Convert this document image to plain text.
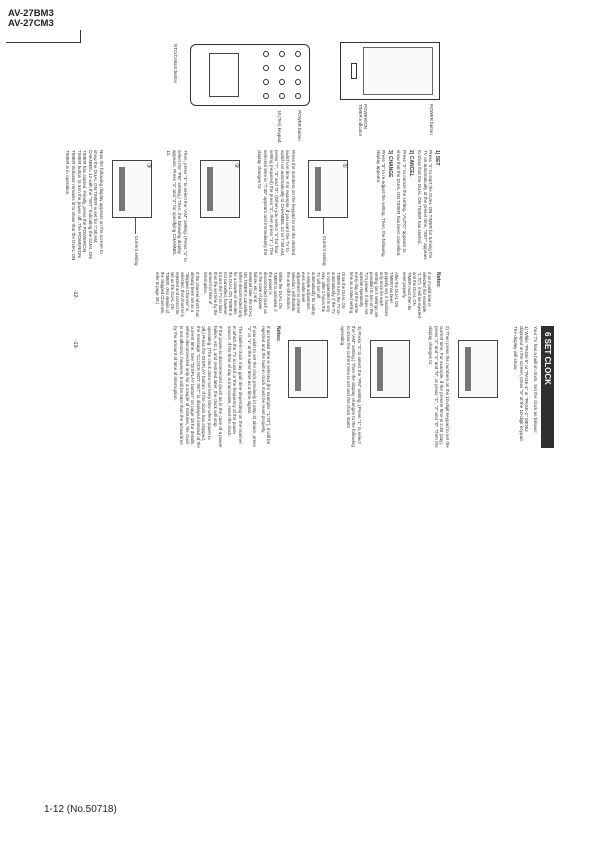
AV-27BM3
AV-27CM3
POWER button
POWER/ON TIMER indicator
POWER button
10 (Ten) keypad
NTC/CABLE button

1) SET
Press "1" to start the DUAL ON TIMER for turning the TV on automatically at the preset time. "SET" appears to show that the DUAL ON TIMER has started.

2) CANCEL
Press "2" to cancel the setting. "AUTO" appears to show that the DUAL ON TIMER has been cancelled.

3) CHANGE
Press "3" to re-adjust the setting. Then, the following display appears.

①
Current setting

Press the numbers on the keypad to set the desired switch-on time. For example, if you want the TV to switch on automatically to CHANNEL 12 at 7:30 AM, press "7", "3" and "0". (When you select "1" for four setting (required) the press "1", then press "1".) The selected time is "7:30" appears and immediately the display changes to:

②

Then, press "1" to select the "AM" setting. (Press "2" to select the "PM" setting.) Then, the following display appears. Press "1" and "2" for specifying CHANNEL 12.

③
Current setting

Now the following display appears on the screen to show the DUAL ON TIMER is set for 7:30 AM, CHANNEL 12 with the "SET" indicating the DUAL ON TIMER has started. Finally, press the POWER/ON TIMER button to turn the power off. The POWER/ON TIMER indicator remains lit to show that the DUAL ON TIMER is in operation.

Notes:

If an invalid time is selected (for example: "1:70"), it will be rejected and the DUAL ON TIMER must then be reset properly.

After the DUAL ON TIMER has been properly set, it functions only once for each setting (as it settings are possible) to turn on the TV's power. If does not operate repeatedly every day at the same time as a rated setting.

Once the DUAL ON TIMER turns the TV on automatically, if the TV is not operated in any way, after 2 hours the TV will turn off automatically for safety. A simple adjustment, even audio level adjustment or channel selection, will disable the auto-off function.

While the DUAL ON TIMER is activated, if the power is disconnected (such as in the case of power failure, etc.) and restored later, the DUAL ON TIMER is cancelled. When disconnected only for a couple of minutes, the DUAL ON TIMER is not cancelled, however, it turns the TV on later than the set time by the amount of time of interruption.

If the channel which has already been set as a "Skipped Channel" is selected, that channel is rejected and cannot be set as the DUAL ON TIMER. (For details of the Skipped Channels, refer to page 28.)

-12-
6 SET CLOCK

Your TV has a built-in clock. Set the clock as follows:

1) While "PAGE-5" or "PAGE-1" or "PAGE-2" MENU displayed on the screen, press "8" of the 10-digit keypad. The display will show:

2) Then press the numbers on the 10-digit keypad to set the current time. For example, if the present time is 2:40 (day), press "2" and "4" and "0", or press "1", "2" and "0". Then the display changes to:

3) Press "2" to select the "PM" setting. (Press "1" to select the "AM" setting.) Then the display changes to the following to show the current time is set and the clock starts operating.

Notes:

If an invalid time is selected (for example: "1:70"), it will be rejected and the built-in clock must be reset properly.

If you wish to set the clock precisely in step 3) above, press "2" or "1" at the same time as a time signal.

The built-in clock may gain time depending on the manner in which the TV is used or the frequency of the power source. If the time of day is inaccurate, reset the clock.

If the power is disconnected (such as in the case of a power failure, etc.), and restored later, the clock will stop operating. (The clock does not keep time when power is off.) Press the DISPLAY button. If the clock has stopped, the message "CLOCK NOT SET" is displayed instead of the current time. See "DISPLAY button" on page 18 for details. When disconnected only for a couple of minutes, the clock is not affected, however, it will be later than the actual time by the amount of time of interruption.

-13-
1-12 (No.50718)
